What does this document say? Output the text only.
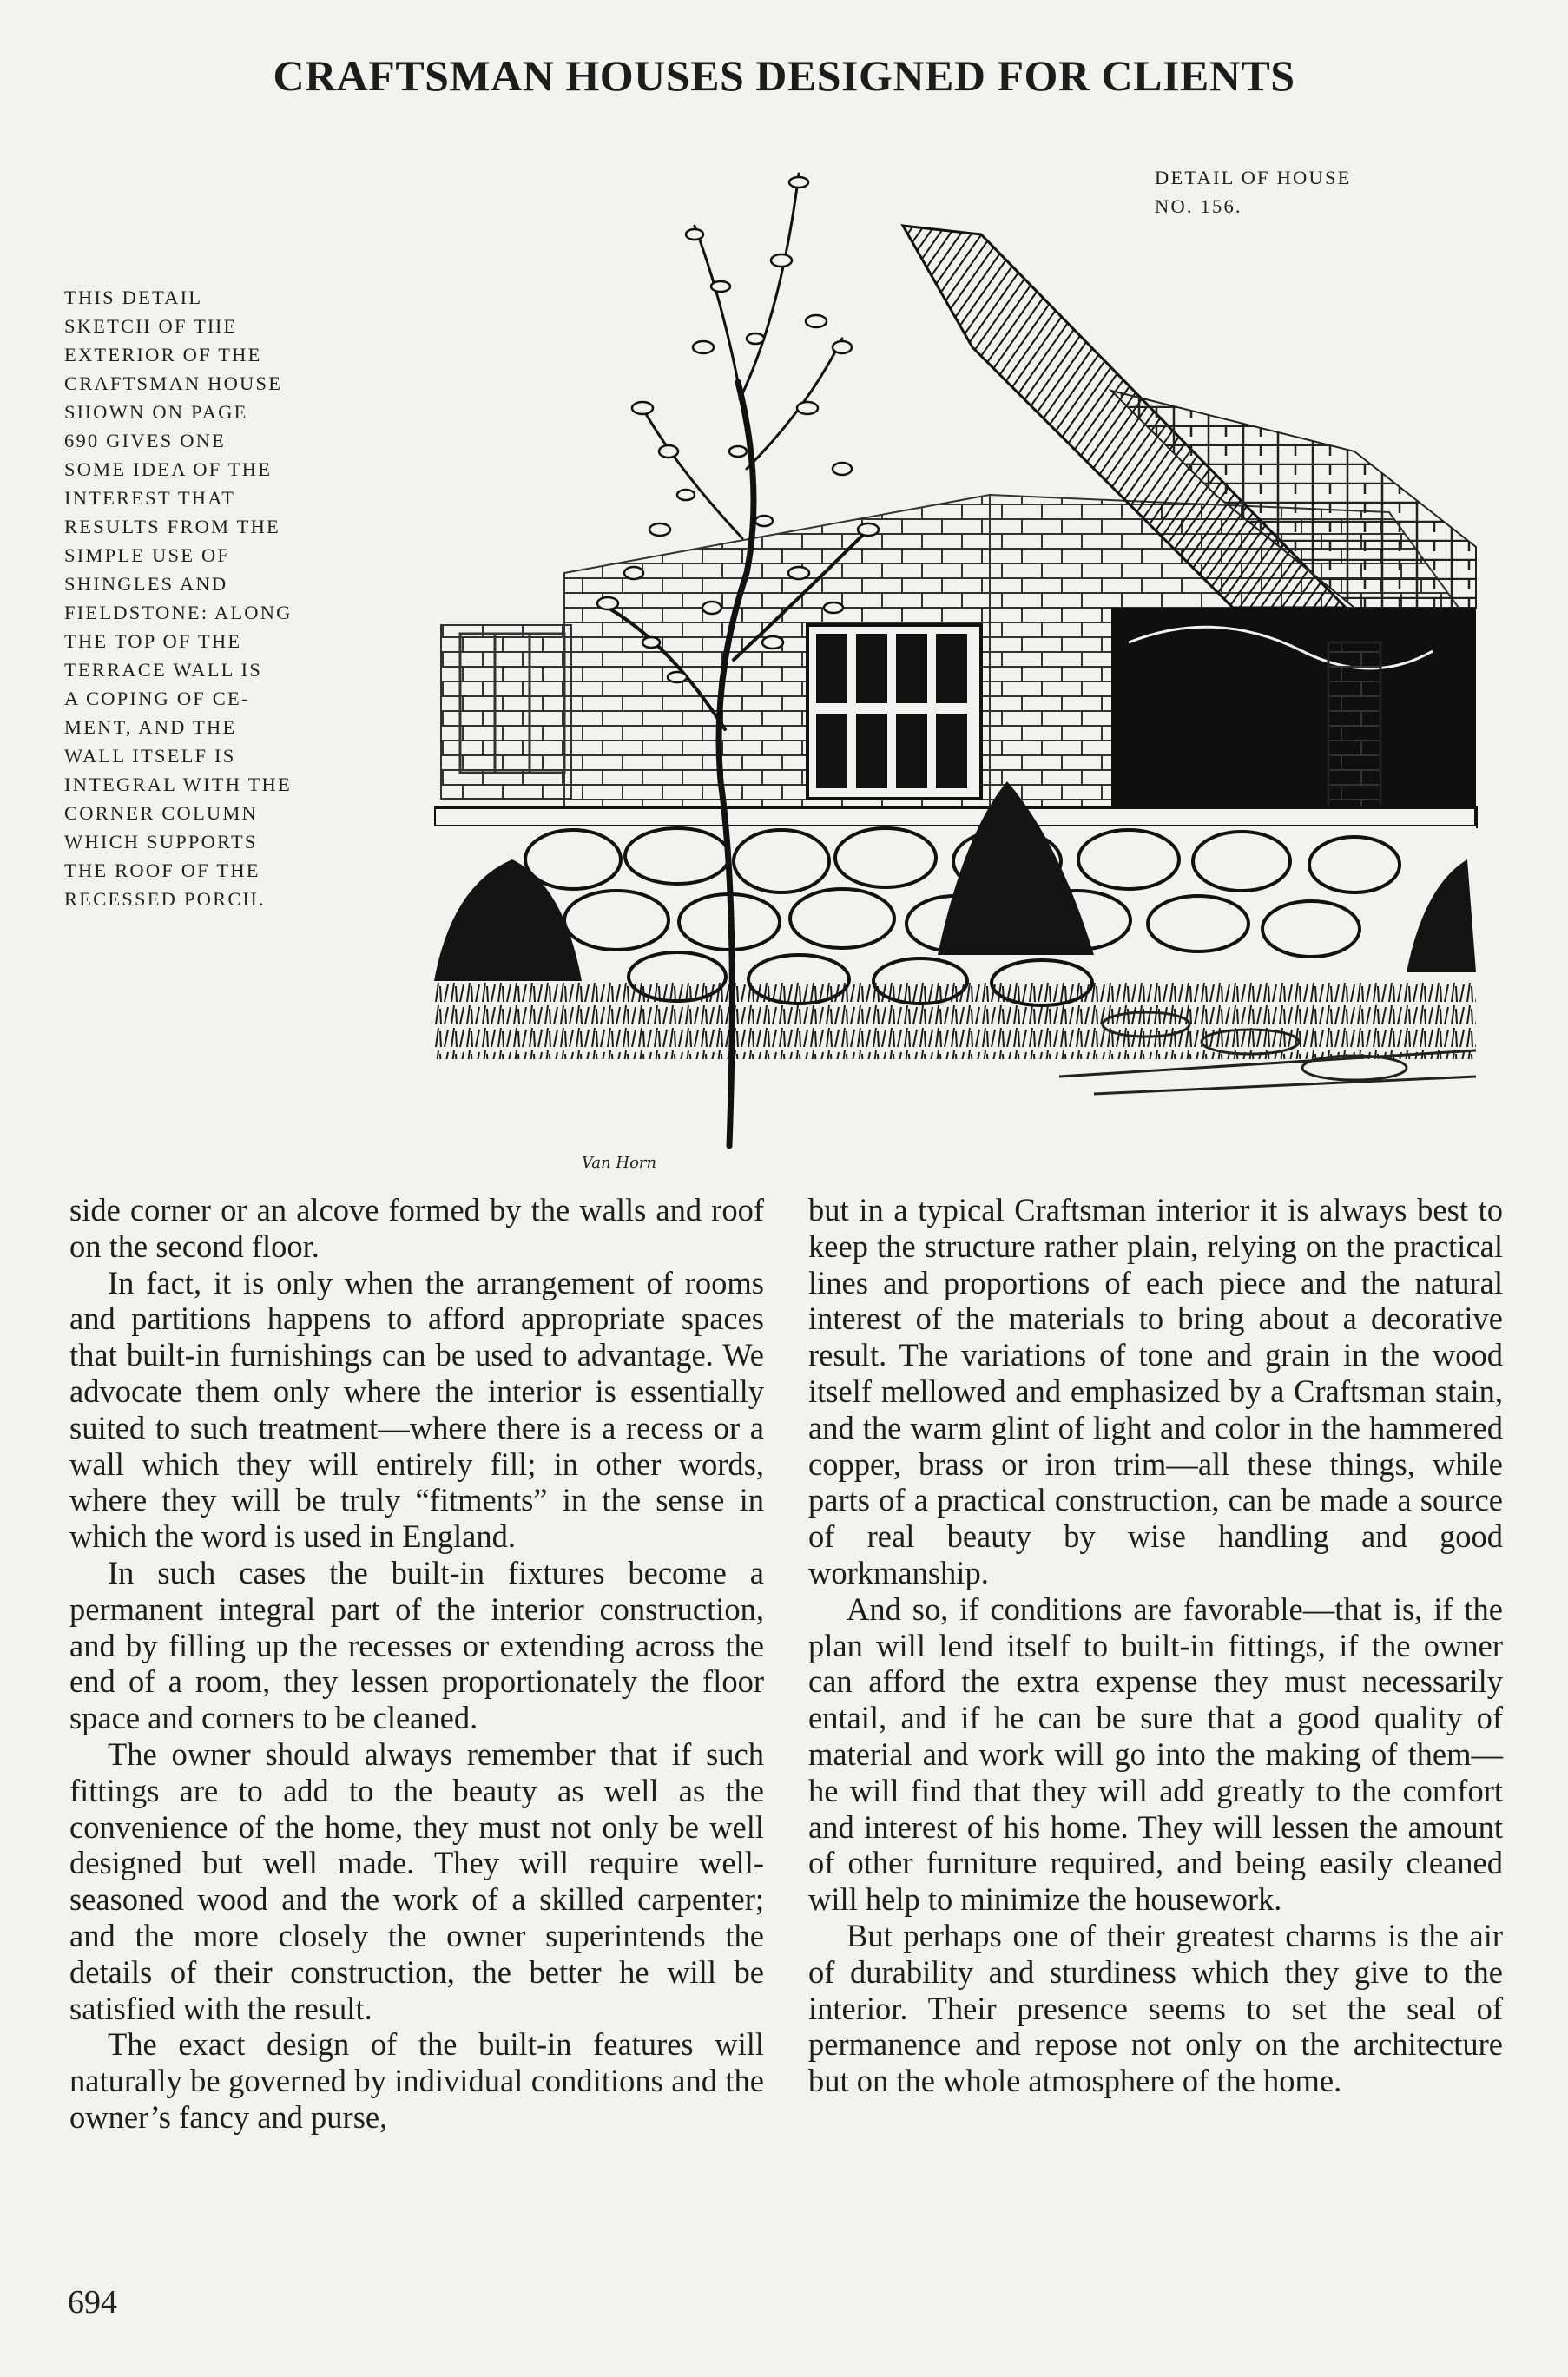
CRAFTSMAN HOUSES DESIGNED FOR CLIENTS
THIS DETAIL
SKETCH OF THE
EXTERIOR OF THE
CRAFTSMAN HOUSE
SHOWN ON PAGE
690 GIVES ONE
SOME IDEA OF THE
INTEREST THAT
RESULTS FROM THE
SIMPLE USE OF
SHINGLES AND
FIELDSTONE: ALONG
THE TOP OF THE
TERRACE WALL IS
A COPING OF CE-
MENT, AND THE
WALL ITSELF IS
INTEGRAL WITH THE
CORNER COLUMN
WHICH SUPPORTS
THE ROOF OF THE
RECESSED PORCH.
DETAIL OF HOUSE
NO. 156.
Van Horn

side corner or an alcove formed by the walls and roof on the second floor.

In fact, it is only when the arrangement of rooms and partitions happens to afford appropriate spaces that built-in furnishings can be used to advantage. We advocate them only where the interior is essentially suited to such treatment—where there is a recess or a wall which they will entirely fill; in other words, where they will be truly “fitments” in the sense in which the word is used in England.

In such cases the built-in fixtures become a permanent integral part of the interior construction, and by filling up the recesses or extending across the end of a room, they lessen proportionately the floor space and corners to be cleaned.

The owner should always remember that if such fittings are to add to the beauty as well as the convenience of the home, they must not only be well designed but well made. They will require well-seasoned wood and the work of a skilled carpenter; and the more closely the owner superintends the details of their construction, the better he will be satisfied with the result.

The exact design of the built-in features will naturally be governed by individual conditions and the owner’s fancy and purse,

but in a typical Craftsman interior it is always best to keep the structure rather plain, relying on the practical lines and proportions of each piece and the natural interest of the materials to bring about a decorative result. The variations of tone and grain in the wood itself mellowed and emphasized by a Craftsman stain, and the warm glint of light and color in the hammered copper, brass or iron trim—all these things, while parts of a practical construction, can be made a source of real beauty by wise handling and good workmanship.

And so, if conditions are favorable—that is, if the plan will lend itself to built-in fittings, if the owner can afford the extra expense they must necessarily entail, and if he can be sure that a good quality of material and work will go into the making of them—he will find that they will add greatly to the comfort and interest of his home. They will lessen the amount of other furniture required, and being easily cleaned will help to minimize the housework.

But perhaps one of their greatest charms is the air of durability and sturdiness which they give to the interior. Their presence seems to set the seal of permanence and repose not only on the architecture but on the whole atmosphere of the home.

694
